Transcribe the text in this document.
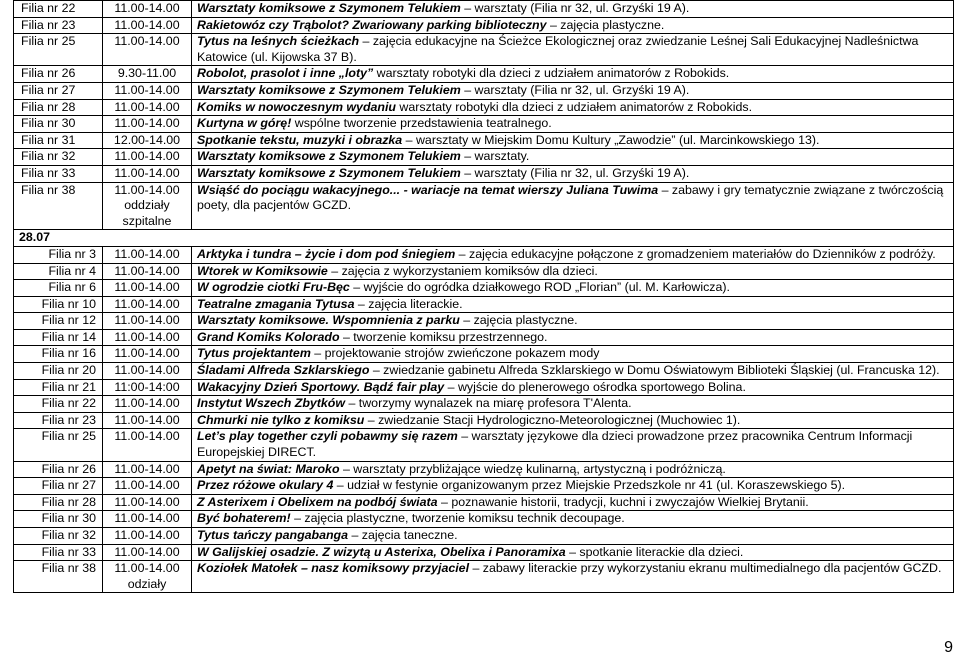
Filia nr 22	11.00-14.00	Warsztaty komiksowe z Szymonem Telukiem – warsztaty (Filia nr 32, ul. Grzyśki 19 A).
Filia nr 23	11.00-14.00	Rakietowóz czy Trąbolot? Zwariowany parking biblioteczny – zajęcia plastyczne.
Filia nr 25	11.00-14.00	Tytus na leśnych ścieżkach – zajęcia edukacyjne na Ścieżce Ekologicznej oraz zwiedzanie Leśnej Sali Edukacyjnej Nadleśnictwa Katowice (ul. Kijowska 37 B).
Filia nr 26	9.30-11.00	Robolot, prasolot i inne „loty” warsztaty robotyki dla dzieci z udziałem animatorów z Robokids.
Filia nr 27	11.00-14.00	Warsztaty komiksowe z Szymonem Telukiem – warsztaty (Filia nr 32, ul. Grzyśki 19 A).
Filia nr 28	11.00-14.00	Komiks w nowoczesnym wydaniu warsztaty robotyki dla dzieci z udziałem animatorów z Robokids.
Filia nr 30	11.00-14.00	Kurtyna w górę! wspólne tworzenie przedstawienia teatralnego.
Filia nr 31	12.00-14.00	Spotkanie tekstu, muzyki i obrazka – warsztaty w Miejskim Domu Kultury „Zawodzie” (ul. Marcinkowskiego 13).
Filia nr 32	11.00-14.00	Warsztaty komiksowe z Szymonem Telukiem – warsztaty.
Filia nr 33	11.00-14.00	Warsztaty komiksowe z Szymonem Telukiem – warsztaty (Filia nr 32, ul. Grzyśki 19 A).
Filia nr 38	11.00-14.00 oddziały szpitalne	Wsiąść do pociągu wakacyjnego... - wariacje na temat wierszy Juliana Tuwima – zabawy i gry tematycznie związane z twórczością poety, dla pacjentów GCZD.
28.07		
Filia nr 3	11.00-14.00	Arktyka i tundra – życie i dom pod śniegiem – zajęcia edukacyjne połączone z gromadzeniem materiałów do Dzienników z podróży.
Filia nr 4	11.00-14.00	Wtorek w Komiksowie – zajęcia z wykorzystaniem komiksów dla dzieci.
Filia nr 6	11.00-14.00	W ogrodzie ciotki Fru-Bęc – wyjście do ogródka działkowego ROD „Florian” (ul. M. Karłowicza).
Filia nr 10	11.00-14.00	Teatralne zmagania Tytusa – zajęcia literackie.
Filia nr 12	11.00-14.00	Warsztaty komiksowe. Wspomnienia z parku – zajęcia plastyczne.
Filia nr 14	11.00-14.00	Grand Komiks Kolorado – tworzenie komiksu przestrzennego.
Filia nr 16	11.00-14.00	Tytus projektantem – projektowanie strojów zwieńczone pokazem mody
Filia nr 20	11.00-14.00	Śladami Alfreda Szklarskiego – zwiedzanie gabinetu Alfreda Szklarskiego w Domu Oświatowym Biblioteki Śląskiej (ul. Francuska 12).
Filia nr 21	11:00-14:00	Wakacyjny Dzień Sportowy. Bądź fair play – wyjście do plenerowego ośrodka sportowego Bolina.
Filia nr 22	11.00-14.00	Instytut Wszech Zbytków – tworzymy wynalazek na miarę profesora T'Alenta.
Filia nr 23	11.00-14.00	Chmurki nie tylko z komiksu – zwiedzanie Stacji Hydrologiczno-Meteorologicznej (Muchowiec 1).
Filia nr 25	11.00-14.00	Let’s play together czyli pobawmy się razem – warsztaty językowe dla dzieci prowadzone przez pracownika Centrum Informacji Europejskiej DIRECT.
Filia nr 26	11.00-14.00	Apetyt na świat: Maroko – warsztaty przybliżające wiedzę kulinarną, artystyczną i podróżniczą.
Filia nr 27	11.00-14.00	Przez różowe okulary 4 – udział w festynie organizowanym przez Miejskie Przedszkole nr 41 (ul. Koraszewskiego 5).
Filia nr 28	11.00-14.00	Z Asterixem i Obelixem na podbój świata – poznawanie historii, tradycji, kuchni i zwyczajów Wielkiej Brytanii.
Filia nr 30	11.00-14.00	Być bohaterem! – zajęcia plastyczne, tworzenie komiksu technik decoupage.
Filia nr 32	11.00-14.00	Tytus tańczy pangabanga – zajęcia taneczne.
Filia nr 33	11.00-14.00	W Galijskiej osadzie. Z wizytą u Asterixa, Obelixa i Panoramixa – spotkanie literackie dla dzieci.
Filia nr 38	11.00-14.00 odziały	Koziołek Matołek – nasz komiksowy przyjaciel – zabawy literackie przy wykorzystaniu ekranu multimedialnego dla pacjentów GCZD.
9
